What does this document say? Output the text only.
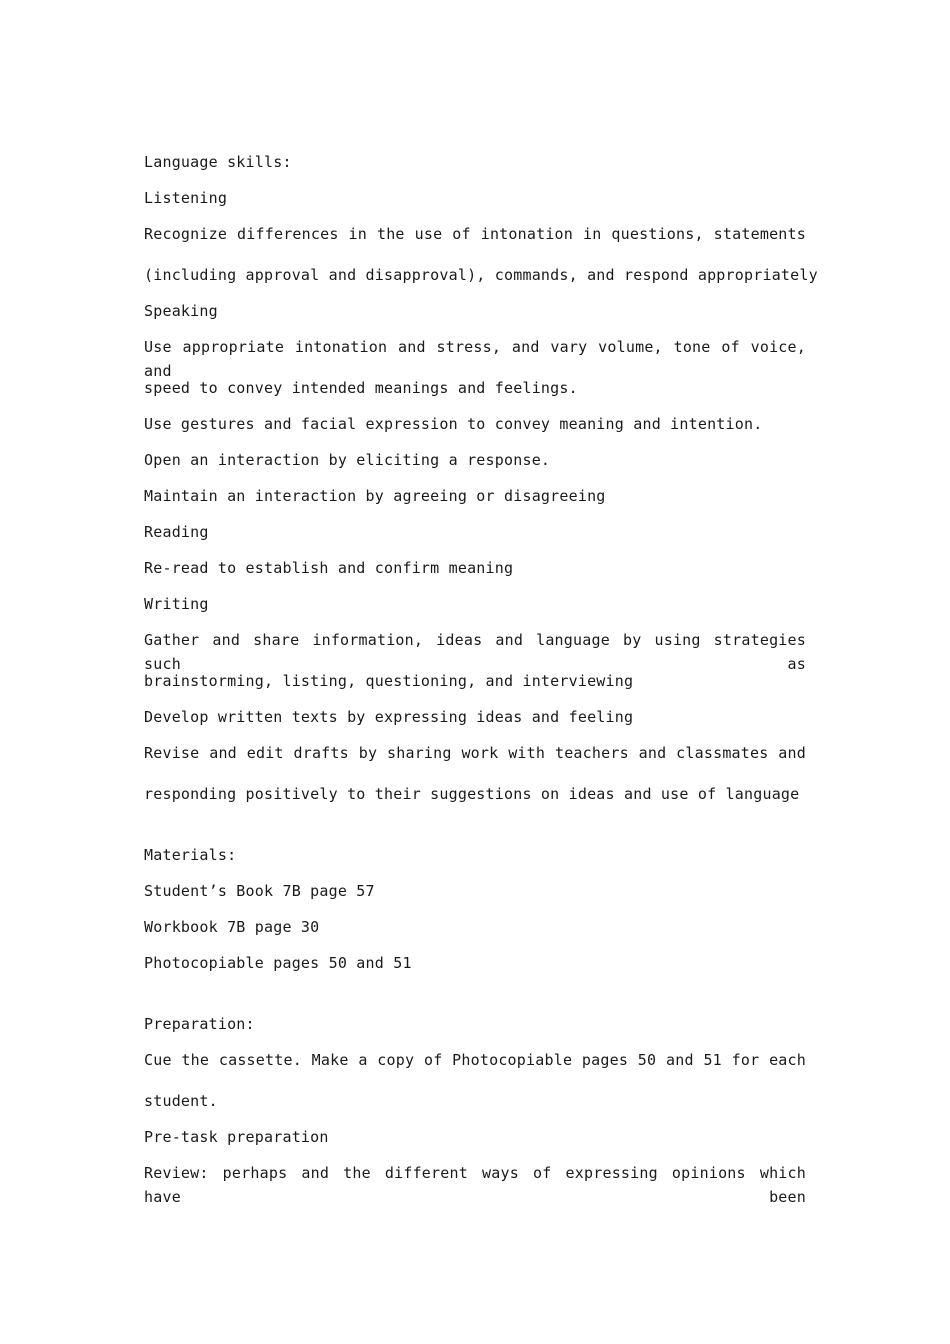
Language skills:
Listening
Recognize differences in the use of intonation in questions, statements
(including approval and disapproval), commands, and respond appropriately
Speaking
Use appropriate intonation and stress, and vary volume, tone of voice, and
speed to convey intended meanings and feelings.
Use gestures and facial expression to convey meaning and intention.
Open an interaction by eliciting a response.
Maintain an interaction by agreeing or disagreeing
Reading
Re-read to establish and confirm meaning
Writing
Gather and share information, ideas and language by using strategies such as
brainstorming, listing, questioning, and interviewing
Develop written texts by expressing ideas and feeling
Revise and edit drafts by sharing work with teachers and classmates and
responding positively to their suggestions on ideas and use of language
Materials:
Student’s Book 7B page 57
Workbook 7B page 30
Photocopiable pages 50 and 51
Preparation:
Cue the cassette. Make a copy of Photocopiable pages 50 and 51 for each
student.
Pre-task preparation
Review: perhaps and the different ways of expressing opinions which have been
